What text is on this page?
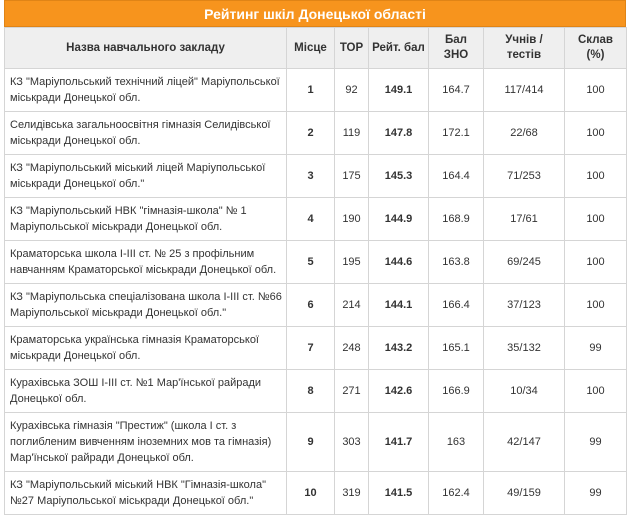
Рейтинг шкіл Донецької області
Назва навчального закладу	Місце	ТОР	Рейт. бал	Бал ЗНО	Учнів / тестів	Склав (%)
КЗ "Маріупольський технічний ліцей" Маріупольської міськради Донецької обл.	1	92	149.1	164.7	117/414	100
Селидівська загальноосвітня гімназія Селидівської міськради Донецької обл.	2	119	147.8	172.1	22/68	100
КЗ "Маріупольський міський ліцей Маріупольської міськради Донецької обл."	3	175	145.3	164.4	71/253	100
КЗ "Маріупольський НВК "гімназія-школа" № 1 Маріупольської міськради Донецької обл.	4	190	144.9	168.9	17/61	100
Краматорська школа І-ІІІ ст. № 25 з профільним навчанням Краматорської міськради Донецької обл.	5	195	144.6	163.8	69/245	100
КЗ "Маріупольська спеціалізована школа І-ІІІ ст. №66 Маріупольської міськради Донецької обл."	6	214	144.1	166.4	37/123	100
Краматорська українська гімназія Краматорської міськради Донецької обл.	7	248	143.2	165.1	35/132	99
Курахівська ЗОШ І-ІІІ ст. №1 Мар'їнської райради Донецької обл.	8	271	142.6	166.9	10/34	100
Курахівська гімназія "Престиж" (школа І ст. з поглибленим вивченням іноземних мов та гімназія) Мар'їнської райради Донецької обл.	9	303	141.7	163	42/147	99
КЗ "Маріупольський міський НВК "Гімназія-школа" №27 Маріупольської міськради Донецької обл."	10	319	141.5	162.4	49/159	99
